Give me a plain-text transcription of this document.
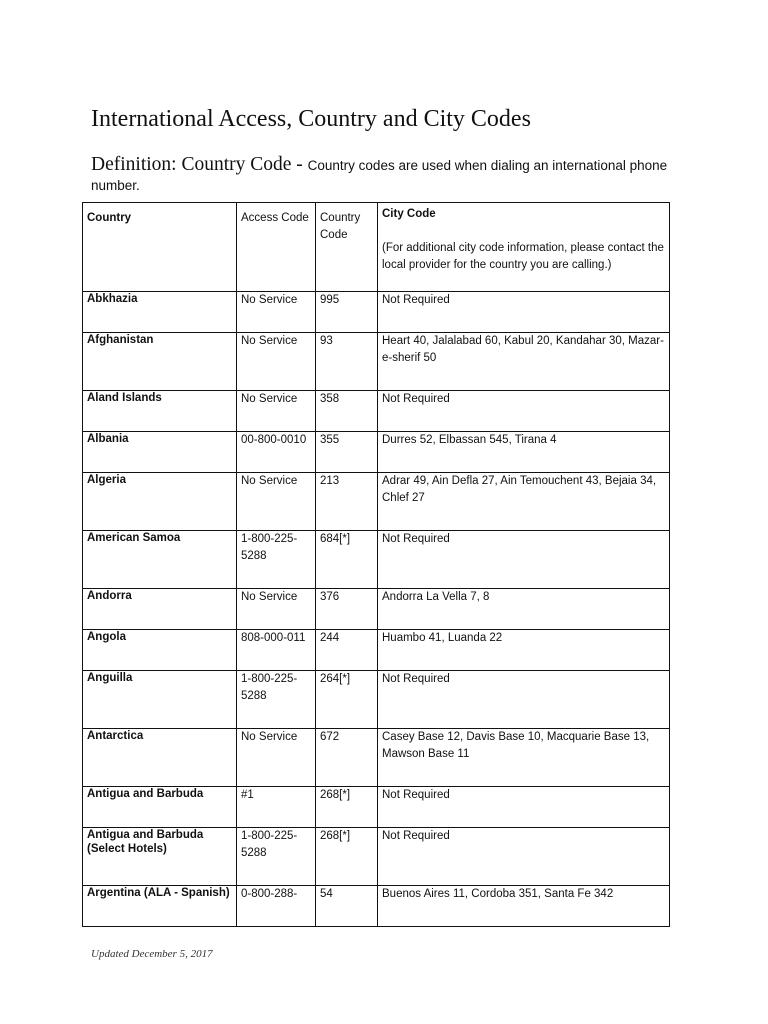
International Access, Country and City Codes

Definition: Country Code - Country codes are used when dialing an international phone number.

Country	Access Code	Country Code	City Code
(For additional city code information, please contact the local provider for the country you are calling.)

Abkhazia	No Service	995	Not Required
Afghanistan	No Service	93	Heart 40, Jalalabad 60, Kabul 20, Kandahar 30, Mazar-e-sherif 50
Aland Islands	No Service	358	Not Required
Albania	00-800-0010	355	Durres 52, Elbassan 545, Tirana 4
Algeria	No Service	213	Adrar 49, Ain Defla 27, Ain Temouchent 43, Bejaia 34, Chlef 27
American Samoa	1-800-225-5288	684[*]	Not Required
Andorra	No Service	376	Andorra La Vella 7, 8
Angola	808-000-011	244	Huambo 41, Luanda 22
Anguilla	1-800-225-5288	264[*]	Not Required
Antarctica	No Service	672	Casey Base 12, Davis Base 10, Macquarie Base 13, Mawson Base 11
Antigua and Barbuda	#1	268[*]	Not Required
Antigua and Barbuda (Select Hotels)	1-800-225-5288	268[*]	Not Required
Argentina (ALA - Spanish)	0-800-288-	54	Buenos Aires 11, Cordoba 351, Santa Fe 342
Updated December 5, 2017
